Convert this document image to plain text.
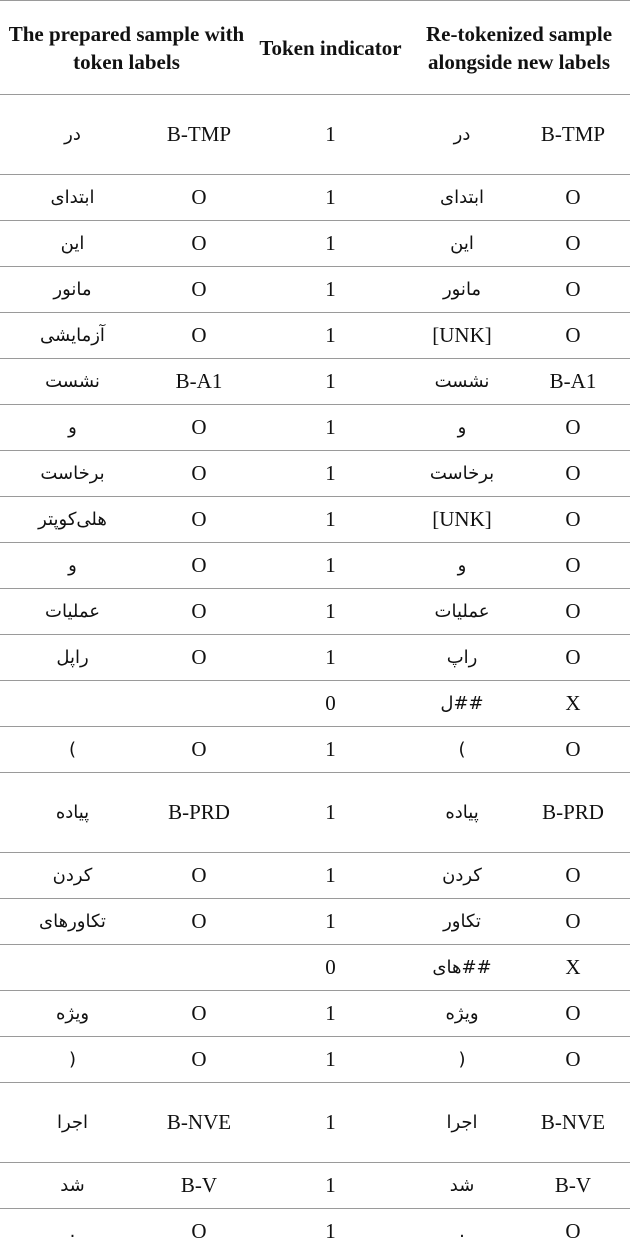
The prepared sample with token labels		Token indicator	Re-tokenized sample alongside new labels	
در	B-TMP	1	در	B-TMP
ابتدای	O	1	ابتدای	O
این	O	1	این	O
مانور	O	1	مانور	O
آزمایشی	O	1	[UNK]	O
نشست	B-A1	1	نشست	B-A1
و	O	1	و	O
برخاست	O	1	برخاست	O
هلی‌کوپتر	O	1	[UNK]	O
و	O	1	و	O
عملیات	O	1	عملیات	O
راپل	O	1	راپ	O
		0	##ل	X
)	O	1	)	O
پیاده	B-PRD	1	پیاده	B-PRD
کردن	O	1	کردن	O
تکاورهای	O	1	تکاور	O
		0	##های	X
ویژه	O	1	ویژه	O
(	O	1	(	O
اجرا	B-NVE	1	اجرا	B-NVE
شد	B-V	1	شد	B-V
.	O	1	.	O
